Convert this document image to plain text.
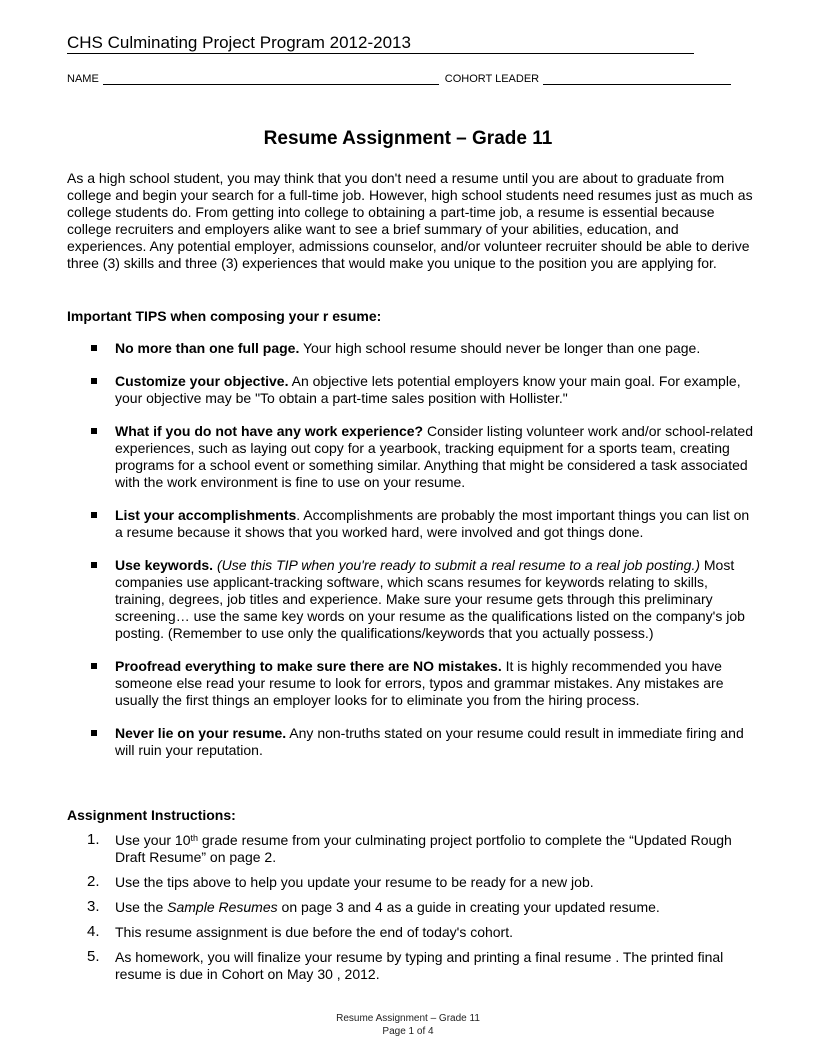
CHS Culminating Project Program 2012-2013
NAME	COHORT LEADER
Resume Assignment – Grade 11

As a high school student, you may think that you don't need a resume until you are about to graduate from college and begin your search for a full-time job. However, high school students need resumes just as much as college students do. From getting into college to obtaining a part-time job, a resume is essential because college recruiters and employers alike want to see a brief summary of your abilities, education, and experiences. Any potential employer, admissions counselor, and/or volunteer recruiter should be able to derive three (3) skills and three (3) experiences that would make you unique to the position you are applying for.

Important TIPS when composing your r esume:
No more than one full page. Your high school resume should never be longer than one page.
Customize your objective. An objective lets potential employers know your main goal. For example, your objective may be "To obtain a part-time sales position with Hollister."
What if you do not have any work experience? Consider listing volunteer work and/or school-related experiences, such as laying out copy for a yearbook, tracking equipment for a sports team, creating programs for a school event or something similar. Anything that might be considered a task associated with the work environment is fine to use on your resume.
List your accomplishments. Accomplishments are probably the most important things you can list on a resume because it shows that you worked hard, were involved and got things done.
Use keywords. (Use this TIP when you're ready to submit a real resume to a real job posting.) Most companies use applicant-tracking software, which scans resumes for keywords relating to skills, training, degrees, job titles and experience. Make sure your resume gets through this preliminary screening… use the same key words on your resume as the qualifications listed on the company's job posting. (Remember to use only the qualifications/keywords that you actually possess.)
Proofread everything to make sure there are NO mistakes. It is highly recommended you have someone else read your resume to look for errors, typos and grammar mistakes. Any mistakes are usually the first things an employer looks for to eliminate you from the hiring process.
Never lie on your resume. Any non-truths stated on your resume could result in immediate firing and will ruin your reputation.
Assignment Instructions:
1. Use your 10th grade resume from your culminating project portfolio to complete the “Updated Rough Draft Resume” on page 2.
2. Use the tips above to help you update your resume to be ready for a new job.
3. Use the Sample Resumes on page 3 and 4 as a guide in creating your updated resume.
4. This resume assignment is due before the end of today's cohort.
5. As homework, you will finalize your resume by typing and printing a final resume . The printed final resume is due in Cohort on May 30 , 2012.
Resume Assignment – Grade 11
Page 1 of 4
